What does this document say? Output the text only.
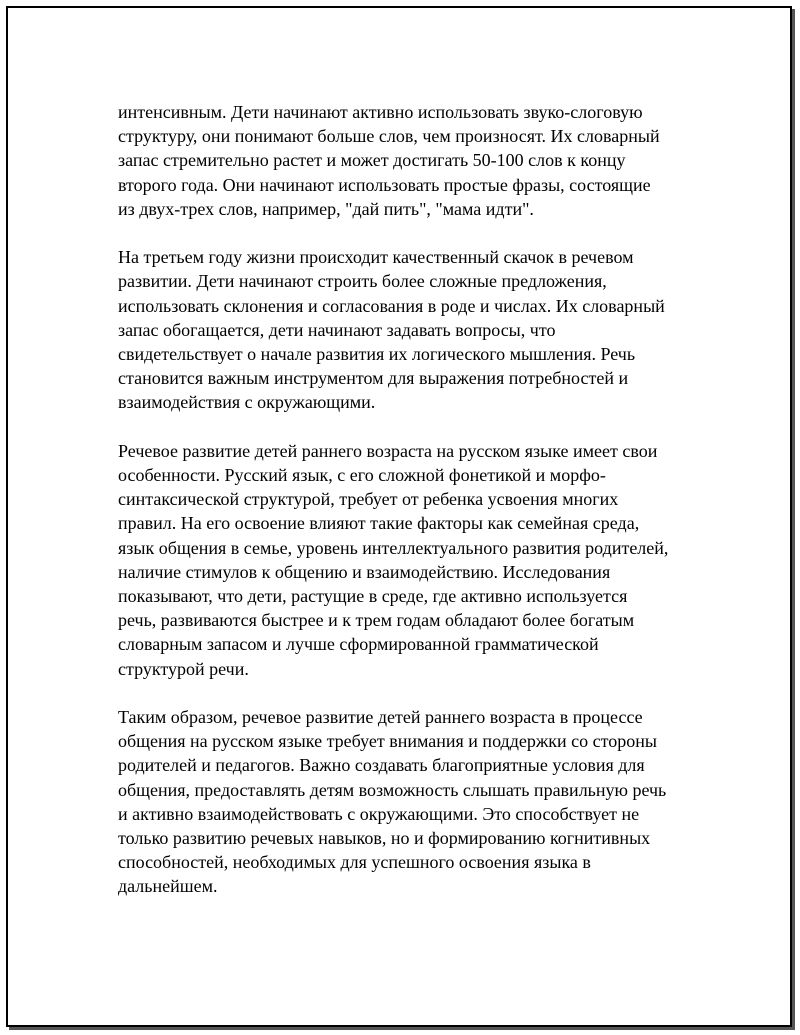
интенсивным. Дети начинают активно использовать звуко-слоговую
структуру, они понимают больше слов, чем произносят. Их словарный
запас стремительно растет и может достигать 50-100 слов к концу
второго года. Они начинают использовать простые фразы, состоящие
из двух-трех слов, например, "дай пить", "мама идти".
На третьем году жизни происходит качественный скачок в речевом
развитии. Дети начинают строить более сложные предложения,
использовать склонения и согласования в роде и числах. Их словарный
запас обогащается, дети начинают задавать вопросы, что
свидетельствует о начале развития их логического мышления. Речь
становится важным инструментом для выражения потребностей и
взаимодействия с окружающими.
Речевое развитие детей раннего возраста на русском языке имеет свои
особенности. Русский язык, с его сложной фонетикой и морфо-
синтаксической структурой, требует от ребенка усвоения многих
правил. На его освоение влияют такие факторы как семейная среда,
язык общения в семье, уровень интеллектуального развития родителей,
наличие стимулов к общению и взаимодействию. Исследования
показывают, что дети, растущие в среде, где активно используется
речь, развиваются быстрее и к трем годам обладают более богатым
словарным запасом и лучше сформированной грамматической
структурой речи.
Таким образом, речевое развитие детей раннего возраста в процессе
общения на русском языке требует внимания и поддержки со стороны
родителей и педагогов. Важно создавать благоприятные условия для
общения, предоставлять детям возможность слышать правильную речь
и активно взаимодействовать с окружающими. Это способствует не
только развитию речевых навыков, но и формированию когнитивных
способностей, необходимых для успешного освоения языка в
дальнейшем.
